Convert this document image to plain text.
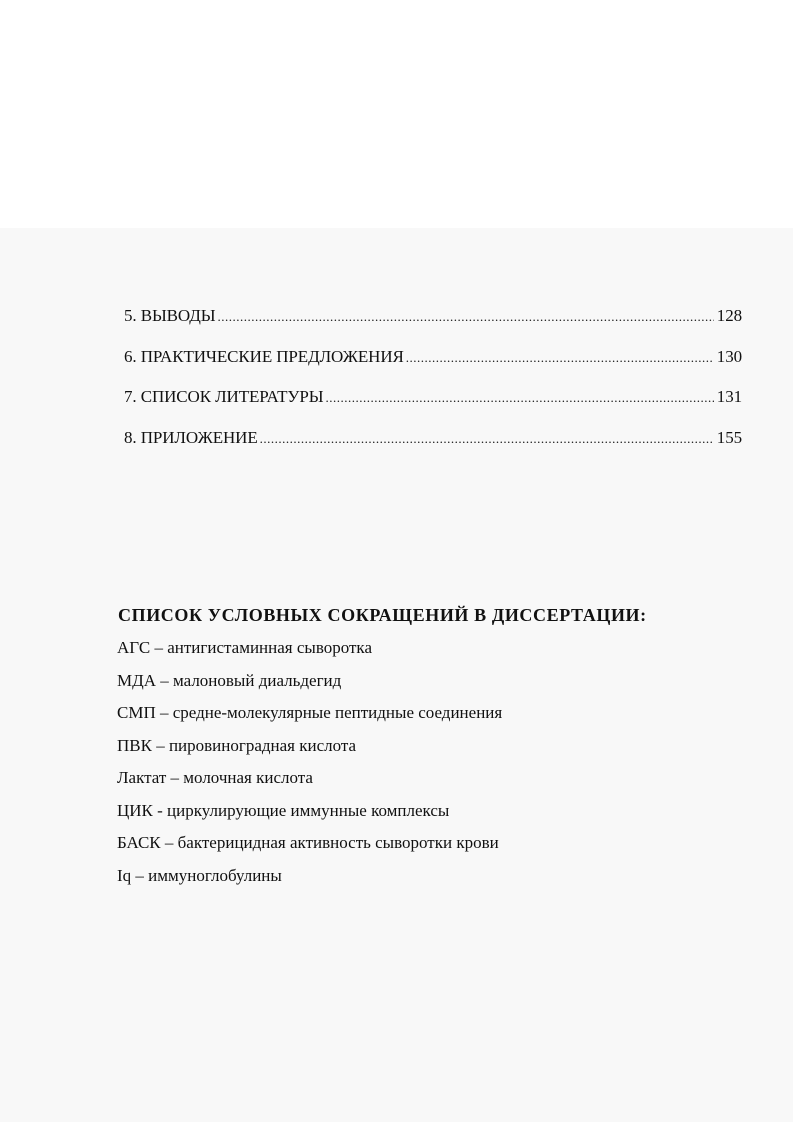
5. ВЫВОДЫ .....	128
6. ПРАКТИЧЕСКИЕ ПРЕДЛОЖЕНИЯ .....	130
7. СПИСОК ЛИТЕРАТУРЫ .....	131
8. ПРИЛОЖЕНИЕ .....	155
СПИСОК УСЛОВНЫХ СОКРАЩЕНИЙ В ДИССЕРТАЦИИ:
АГС – антигистаминная сыворотка
МДА – малоновый диальдегид
СМП – средне-молекулярные пептидные соединения
ПВК – пировиноградная кислота
Лактат – молочная кислота
ЦИК - циркулирующие иммунные комплексы
БАСК – бактерицидная активность сыворотки крови
Iq – иммуноглобулины
